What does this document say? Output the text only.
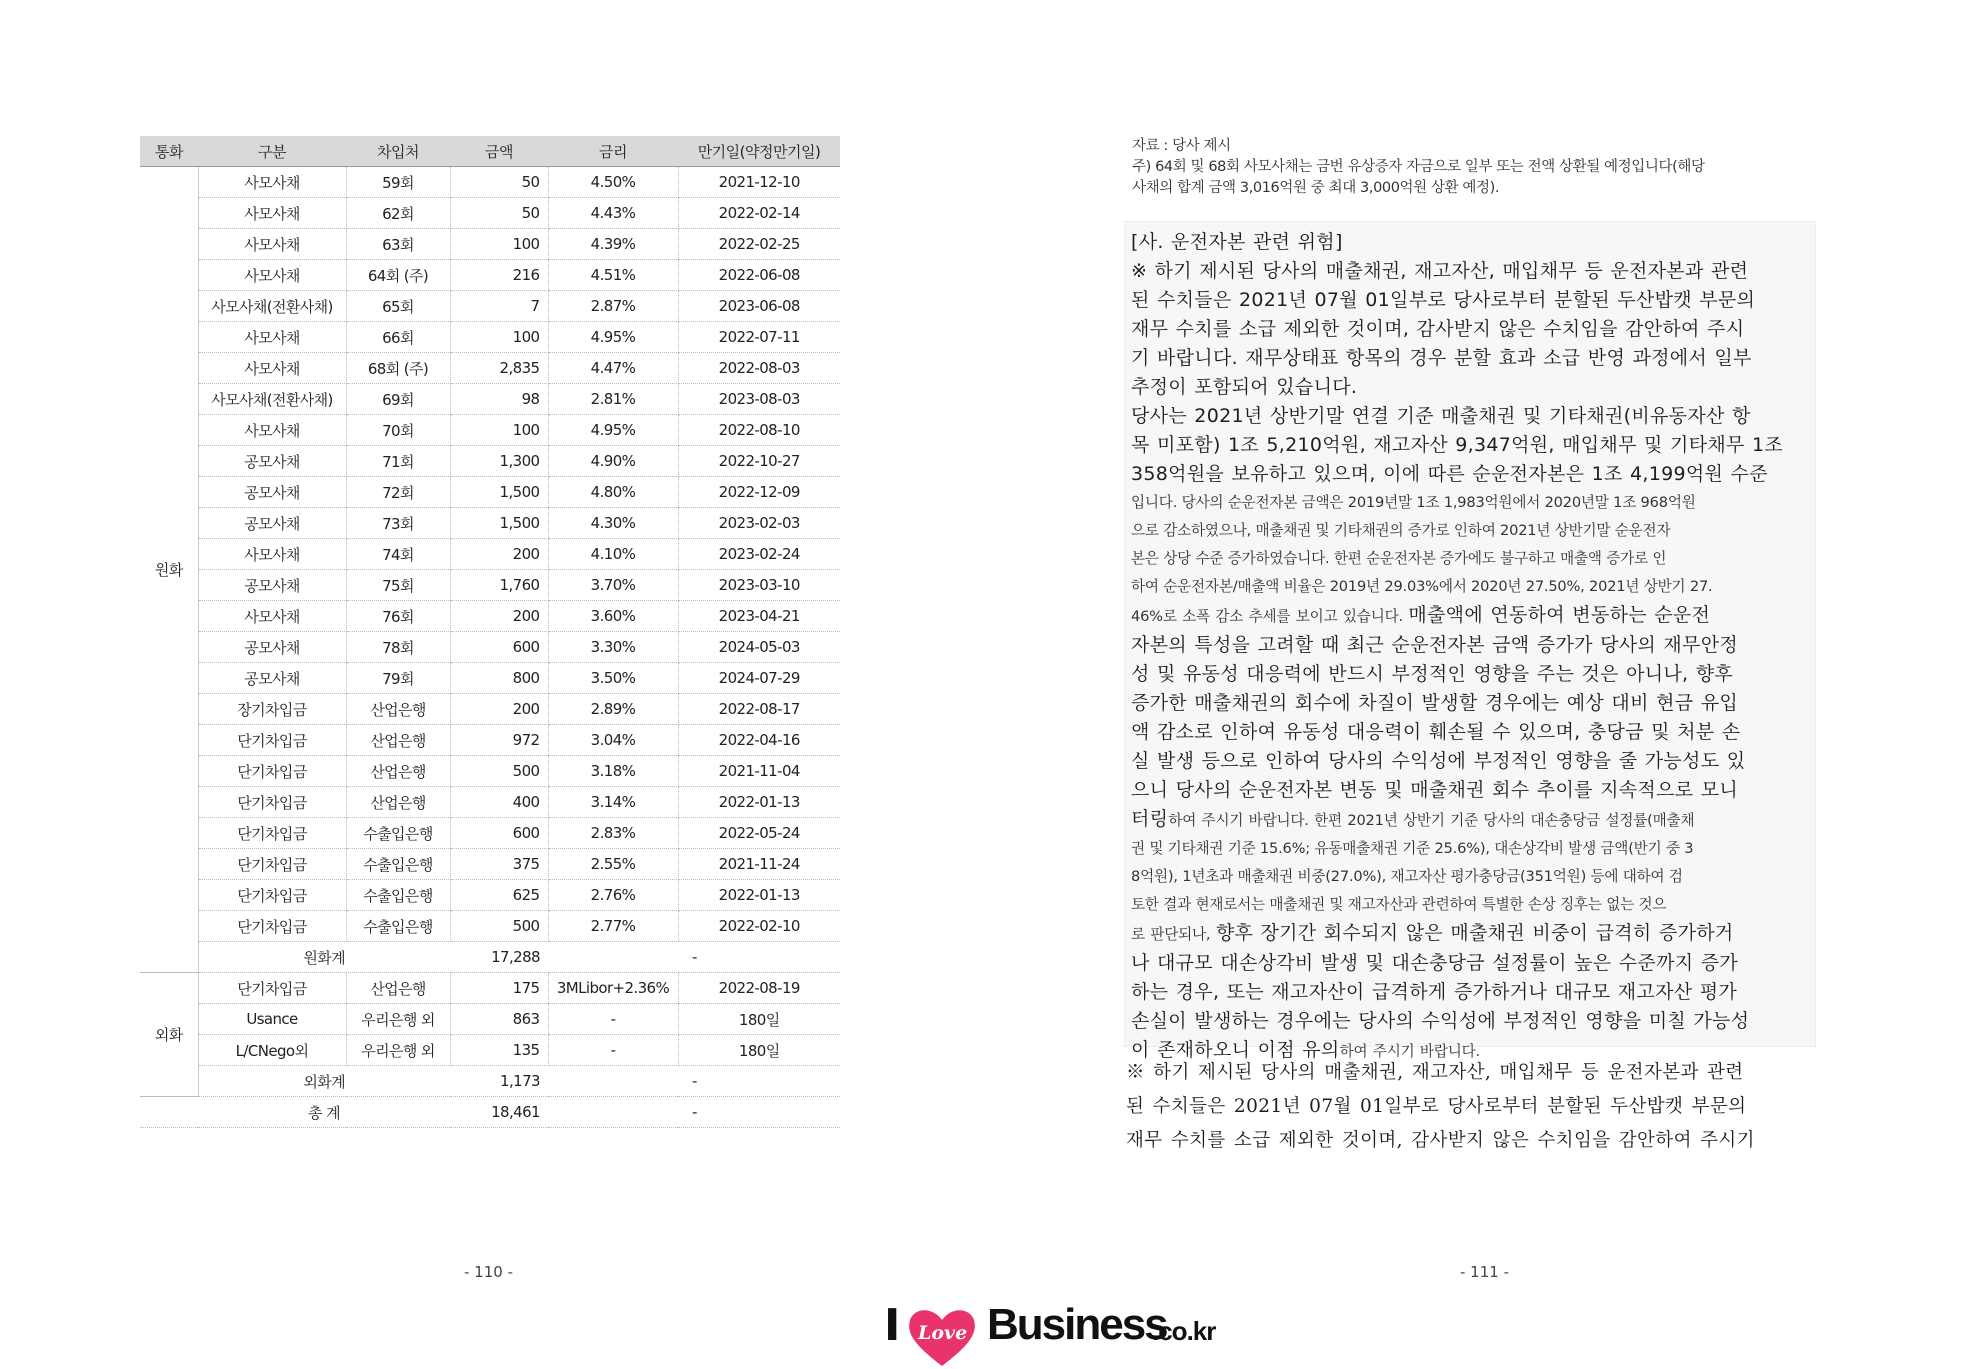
통화	구분	차입처	금액	금리	만기일(약정만기일)
원화	사모사채	59회	50	4.50%	2021-12-10
	사모사채	62회	50	4.43%	2022-02-14
	사모사채	63회	100	4.39%	2022-02-25
	사모사채	64회 (주)	216	4.51%	2022-06-08
	사모사채(전환사채)	65회	7	2.87%	2023-06-08
	사모사채	66회	100	4.95%	2022-07-11
	사모사채	68회 (주)	2,835	4.47%	2022-08-03
	사모사채(전환사채)	69회	98	2.81%	2023-08-03
	사모사채	70회	100	4.95%	2022-08-10
	공모사채	71회	1,300	4.90%	2022-10-27
	공모사채	72회	1,500	4.80%	2022-12-09
	공모사채	73회	1,500	4.30%	2023-02-03
	사모사채	74회	200	4.10%	2023-02-24
	공모사채	75회	1,760	3.70%	2023-03-10
	사모사채	76회	200	3.60%	2023-04-21
	공모사채	78회	600	3.30%	2024-05-03
	공모사채	79회	800	3.50%	2024-07-29
	장기차입금	산업은행	200	2.89%	2022-08-17
	단기차입금	산업은행	972	3.04%	2022-04-16
	단기차입금	산업은행	500	3.18%	2021-11-04
	단기차입금	산업은행	400	3.14%	2022-01-13
	단기차입금	수출입은행	600	2.83%	2022-05-24
	단기차입금	수출입은행	375	2.55%	2021-11-24
	단기차입금	수출입은행	625	2.76%	2022-01-13
	단기차입금	수출입은행	500	2.77%	2022-02-10
	원화계		17,288		-
외화	단기차입금	산업은행	175	3MLibor+2.36%	2022-08-19
	Usance	우리은행 외	863	-	180일
	L/CNego외	우리은행 외	135	-	180일
	외화계		1,173		-
	총 계		18,461		-
- 110 -	- 111 -
자료 : 당사 제시
주) 64회 및 68회 사모사채는 금번 유상증자 자금으로 일부 또는 전액 상환될 예정입니다(해당
사채의 합계 금액 3,016억원 중 최대 3,000억원 상환 예정).

[사. 운전자본 관련 위험]

※ 하기 제시된 당사의 매출채권, 재고자산, 매입채무 등 운전자본과 관련

된 수치들은 2021년 07월 01일부로 당사로부터 분할된 두산밥캣 부문의

재무 수치를 소급 제외한 것이며, 감사받지 않은 수치임을 감안하여 주시

기 바랍니다. 재무상태표 항목의 경우 분할 효과 소급 반영 과정에서 일부

추정이 포함되어 있습니다.

당사는 2021년 상반기말 연결 기준 매출채권 및 기타채권(비유동자산 항

목 미포함) 1조 5,210억원, 재고자산 9,347억원, 매입채무 및 기타채무 1조

358억원을 보유하고 있으며, 이에 따른 순운전자본은 1조 4,199억원 수준

입니다. 당사의 순운전자본 금액은 2019년말 1조 1,983억원에서 2020년말 1조 968억원

으로 감소하였으나, 매출채권 및 기타채권의 증가로 인하여 2021년 상반기말 순운전자

본은 상당 수준 증가하였습니다. 한편 순운전자본 증가에도 불구하고 매출액 증가로 인

하여 순운전자본/매출액 비율은 2019년 29.03%에서 2020년 27.50%, 2021년 상반기 27.

46%로 소폭 감소 추세를 보이고 있습니다. 매출액에 연동하여 변동하는 순운전

자본의 특성을 고려할 때 최근 순운전자본 금액 증가가 당사의 재무안정

성 및 유동성 대응력에 반드시 부정적인 영향을 주는 것은 아니나, 향후

증가한 매출채권의 회수에 차질이 발생할 경우에는 예상 대비 현금 유입

액 감소로 인하여 유동성 대응력이 훼손될 수 있으며, 충당금 및 처분 손

실 발생 등으로 인하여 당사의 수익성에 부정적인 영향을 줄 가능성도 있

으니 당사의 순운전자본 변동 및 매출채권 회수 추이를 지속적으로 모니

터링하여 주시기 바랍니다. 한편 2021년 상반기 기준 당사의 대손충당금 설정률(매출채

권 및 기타채권 기준 15.6%; 유동매출채권 기준 25.6%), 대손상각비 발생 금액(반기 중 3

8억원), 1년초과 매출채권 비중(27.0%), 재고자산 평가충당금(351억원) 등에 대하여 검

토한 결과 현재로서는 매출채권 및 재고자산과 관련하여 특별한 손상 징후는 없는 것으

로 판단되나, 향후 장기간 회수되지 않은 매출채권 비중이 급격히 증가하거

나 대규모 대손상각비 발생 및 대손충당금 설정률이 높은 수준까지 증가

하는 경우, 또는 재고자산이 급격하게 증가하거나 대규모 재고자산 평가

손실이 발생하는 경우에는 당사의 수익성에 부정적인 영향을 미칠 가능성

이 존재하오니 이점 유의하여 주시기 바랍니다.

※ 하기 제시된 당사의 매출채권, 재고자산, 매입채무 등 운전자본과 관련

된 수치들은 2021년 07월 01일부로 당사로부터 분할된 두산밥캣 부문의

재무 수치를 소급 제외한 것이며, 감사받지 않은 수치임을 감안하여 주시기

I Love Business
.co.kr
